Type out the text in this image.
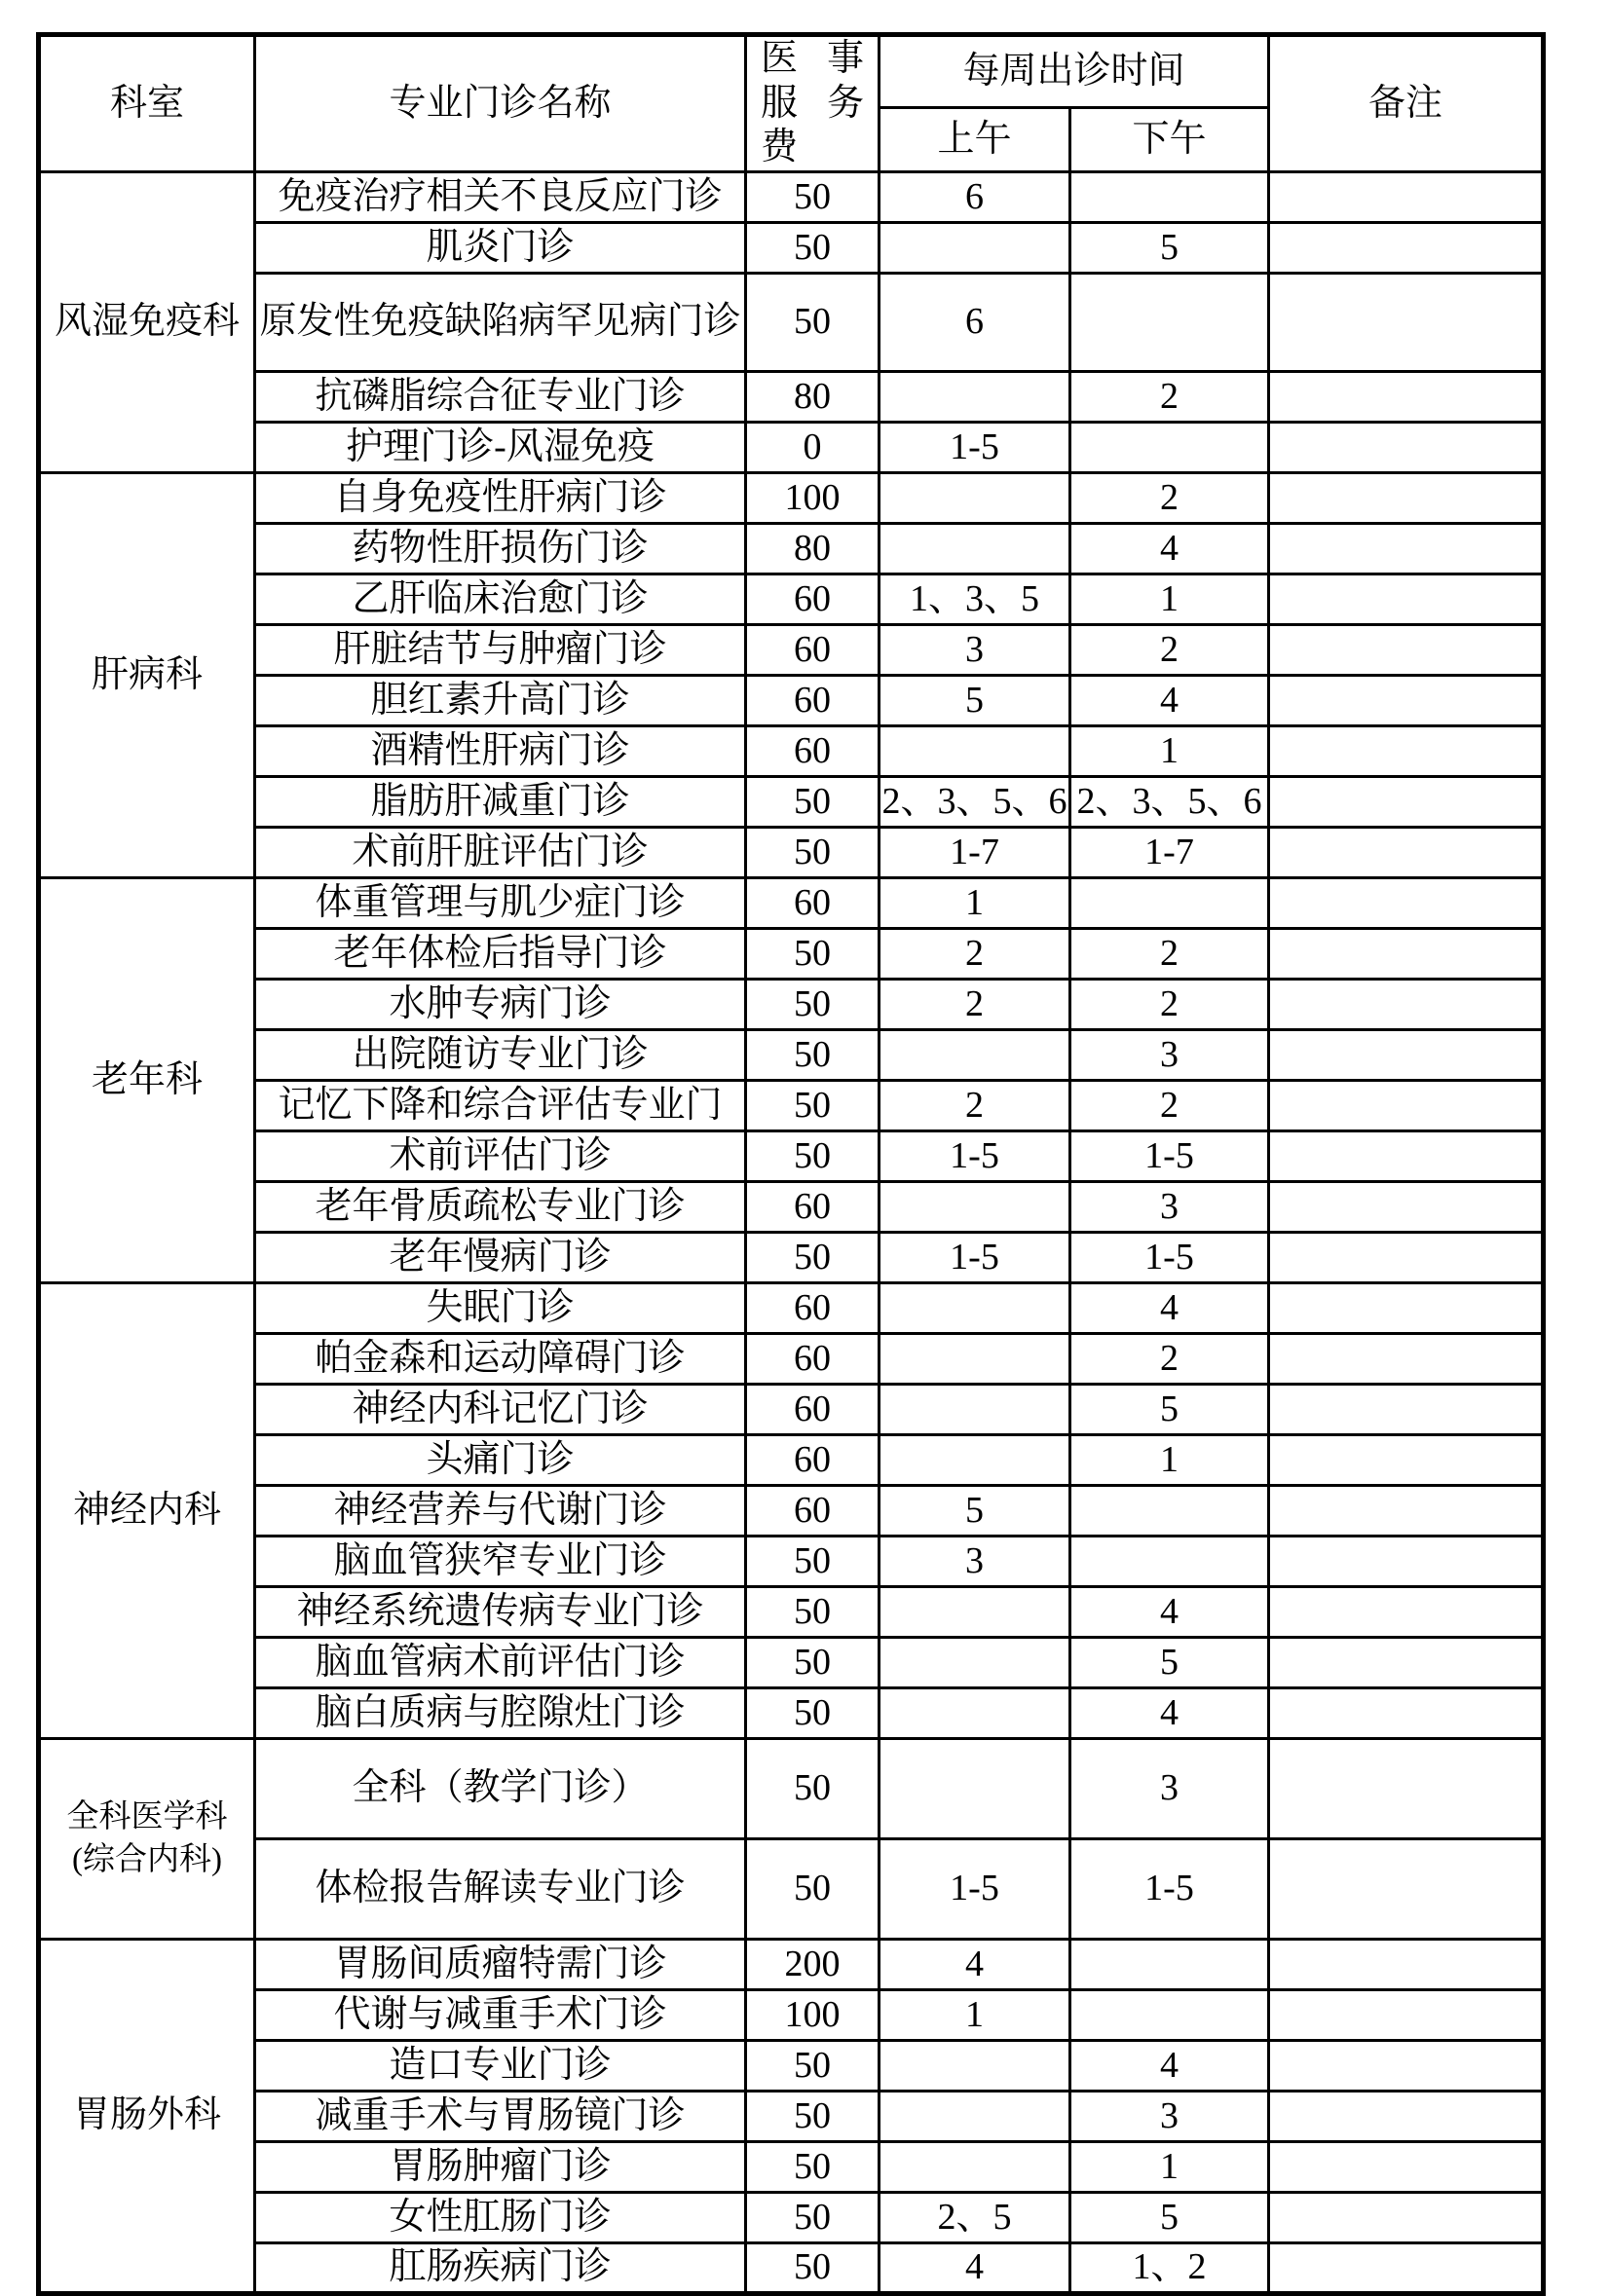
科室	专业门诊名称	医 事
服务费	每周出诊时间		备注
			上午	下午	

风湿免疫科	免疫治疗相关不良反应门诊	50	6		
	肌炎门诊	50		5	
	原发性免疫缺陷病罕见病门诊	50	6		
	抗磷脂综合征专业门诊	80		2	
	护理门诊-风湿免疫	0	1-5		

肝病科	自身免疫性肝病门诊	100		2	
	药物性肝损伤门诊	80		4	
	乙肝临床治愈门诊	60	1、3、5	1	
	肝脏结节与肿瘤门诊	60	3	2	
	胆红素升高门诊	60	5	4	
	酒精性肝病门诊	60		1	
	脂肪肝减重门诊	50	2、3、5、6	2、3、5、6	
	术前肝脏评估门诊	50	1-7	1-7	

老年科	体重管理与肌少症门诊	60	1		
	老年体检后指导门诊	50	2	2	
	水肿专病门诊	50	2	2	
	出院随访专业门诊	50		3	
	记忆下降和综合评估专业门	50	2	2	
	术前评估门诊	50	1-5	1-5	
	老年骨质疏松专业门诊	60		3	
	老年慢病门诊	50	1-5	1-5	

神经内科	失眠门诊	60		4	
	帕金森和运动障碍门诊	60		2	
	神经内科记忆门诊	60		5	
	头痛门诊	60		1	
	神经营养与代谢门诊	60	5		
	脑血管狭窄专业门诊	50	3		
	神经系统遗传病专业门诊	50		4	
	脑血管病术前评估门诊	50		5	
	脑白质病与腔隙灶门诊	50		4	

全科医学科
(综合内科)	全科（教学门诊）	50		3	
	体检报告解读专业门诊	50	1-5	1-5	

胃肠外科	胃肠间质瘤特需门诊	200	4		
	代谢与减重手术门诊	100	1		
	造口专业门诊	50		4	
	减重手术与胃肠镜门诊	50		3	
	胃肠肿瘤门诊	50		1	
	女性肛肠门诊	50	2、5	5	
	肛肠疾病门诊	50	4	1、2	
